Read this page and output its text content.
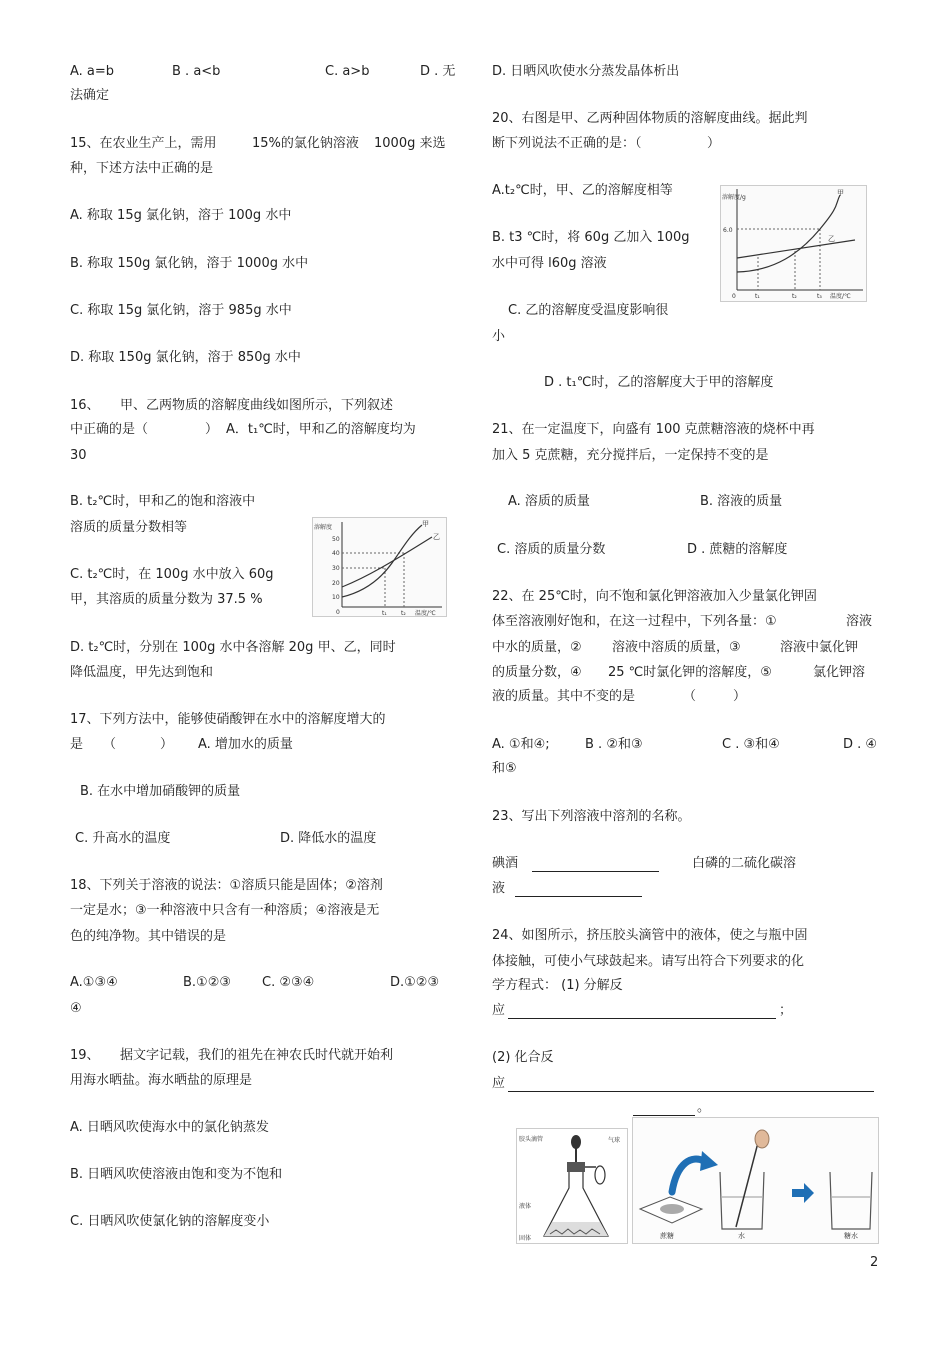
A. a=b	B . a<b	C. a>b	D . 无
法确定
15、在农业生产上，需用	15%的氯化钠溶液 1000g 来选
种，下述方法中正确的是
A. 称取 15g 氯化钠，溶于 100g 水中
B. 称取 150g 氯化钠，溶于 1000g 水中
C. 称取 15g 氯化钠，溶于 985g 水中
D. 称取 150g 氯化钠，溶于 850g 水中
16、 甲、乙两物质的溶解度曲线如图所示，下列叙述
中正确的是（	） A．t₁℃时，甲和乙的溶解度均为
30
B. t₂℃时，甲和乙的饱和溶液中
溶质的质量分数相等
C. t₂℃时，在 100g 水中放入 60g
甲，其溶质的质量分数为 37.5 %
D. t₂℃时，分别在 100g 水中各溶解 20g 甲、乙，同时
降低温度，甲先达到饱和
溶解度
50
40
30
20
10
0
甲
乙
t₁ t₂ 温度/℃
17、下列方法中，能够使硝酸钾在水中的溶解度增大的
是 （	） A. 增加水的质量
B. 在水中增加硝酸钾的质量
C. 升高水的温度	D. 降低水的温度
18、下列关于溶液的说法：①溶质只能是固体；②溶剂
一定是水；③一种溶液中只含有一种溶质；④溶液是无
色的纯净物。其中错误的是
A.①③④	B.①②③ C. ②③④	D.①②③
④
19、 据文字记载，我们的祖先在神农氏时代就开始利
用海水晒盐。海水晒盐的原理是
A. 日晒风吹使海水中的氯化钠蒸发
B. 日晒风吹使溶液由饱和变为不饱和
C. 日晒风吹使氯化钠的溶解度变小
D. 日晒风吹使水分蒸发晶体析出
20、右图是甲、乙两种固体物质的溶解度曲线。据此判
断下列说法不正确的是：（	）
A.t₂℃时，甲、乙的溶解度相等
B. t3 ℃时，将 60g 乙加入 100g
水中可得 l60g 溶液
C. 乙的溶解度受温度影响很
小
D . t₁℃时，乙的溶解度大于甲的溶解度
溶解度/g
6.0
0
甲
乙
t₁	t₂	t₃ 温度/℃
21、在一定温度下，向盛有 100 克蔗糖溶液的烧杯中再
加入 5 克蔗糖，充分搅拌后，一定保持不变的是
A. 溶质的质量	B. 溶液的质量
C. 溶质的质量分数	D . 蔗糖的溶解度
22、在 25℃时，向不饱和氯化钾溶液加入少量氯化钾固
体至溶液刚好饱和，在这一过程中，下列各量：①	溶液
中水的质量，② 溶液中溶质的质量，③	溶液中氯化钾
的质量分数，④ 25 ℃时氯化钾的溶解度，⑤	氯化钾溶
液的质量。其中不变的是	（	）
A. ①和④;	B . ②和③	C . ③和④	D . ④
和⑤
23、写出下列溶液中溶剂的名称。
碘酒	白磷的二硫化碳溶
液
24、如图所示，挤压胶头滴管中的液体，使之与瓶中固
体接触，可使小气球鼓起来。请写出符合下列要求的化
学方程式： (1) 分解反
应	；
(2) 化合反
应
。
胶头滴管	气球
液体
固体	蔗糖	水	糖水
2
